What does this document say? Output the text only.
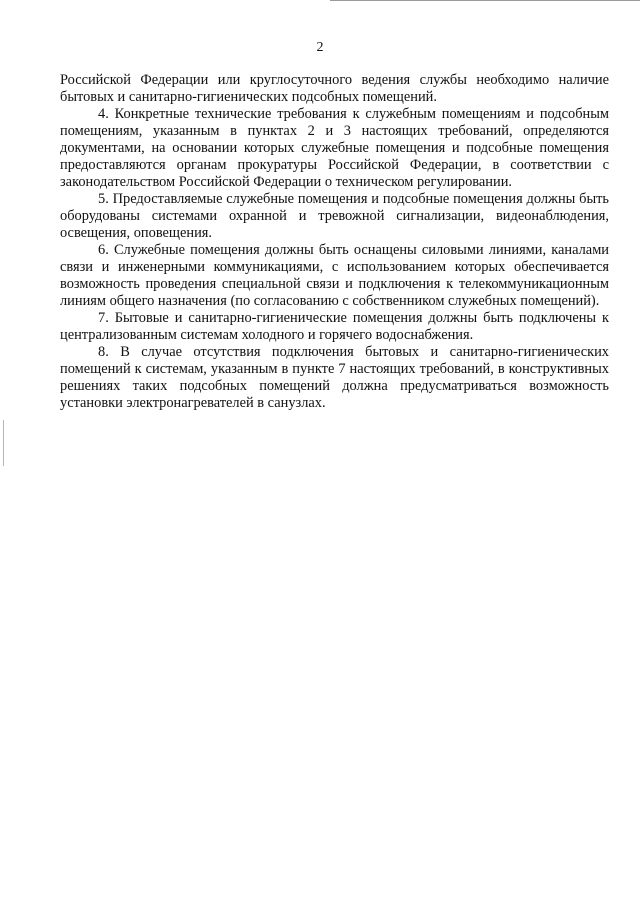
2

Российской Федерации или круглосуточного ведения службы необходимо наличие бытовых и санитарно-гигиенических подсобных помещений.

4. Конкретные технические требования к служебным помещениям и подсобным помещениям, указанным в пунктах 2 и 3 настоящих требований, определяются документами, на основании которых служебные помещения и подсобные помещения предоставляются органам прокуратуры Российской Федерации, в соответствии с законодательством Российской Федерации о техническом регулировании.

5. Предоставляемые служебные помещения и подсобные помещения должны быть оборудованы системами охранной и тревожной сигнализации, видеонаблюдения, освещения, оповещения.

6. Служебные помещения должны быть оснащены силовыми линиями, каналами связи и инженерными коммуникациями, с использованием которых обеспечивается возможность проведения специальной связи и подключения к телекоммуникационным линиям общего назначения (по согласованию с собственником служебных помещений).

7. Бытовые и санитарно-гигиенические помещения должны быть подключены к централизованным системам холодного и горячего водоснабжения.

8. В случае отсутствия подключения бытовых и санитарно-гигиенических помещений к системам, указанным в пункте 7 настоящих требований, в конструктивных решениях таких подсобных помещений должна предусматриваться возможность установки электронагревателей в санузлах.
